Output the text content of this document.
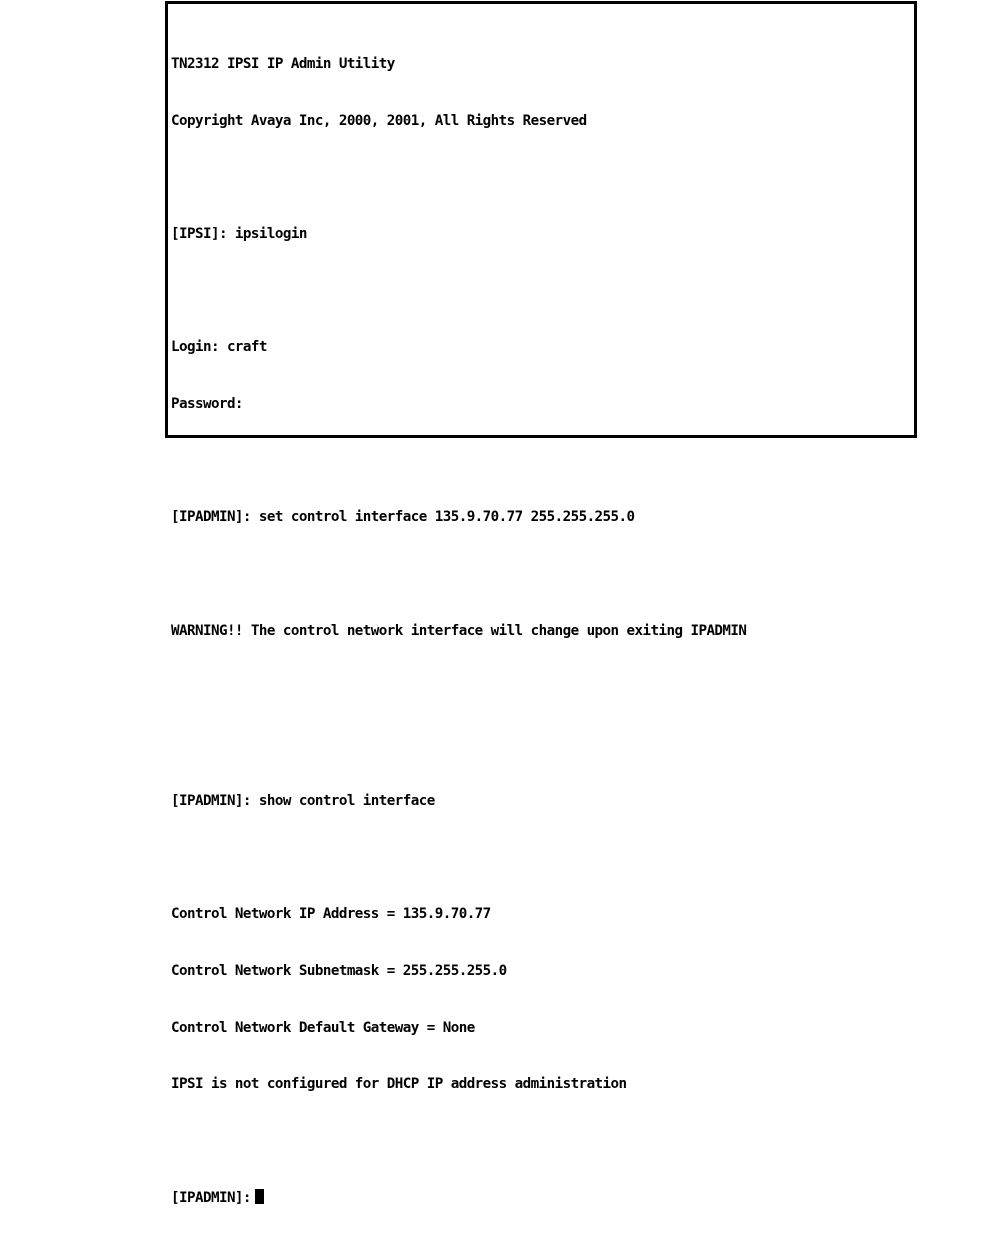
TN2312 IPSI IP Admin Utility

Copyright Avaya Inc, 2000, 2001, All Rights Reserved

[IPSI]: ipsilogin

Login: craft

Password:

[IPADMIN]: set control interface 135.9.70.77 255.255.255.0

WARNING!! The control network interface will change upon exiting IPADMIN

[IPADMIN]: show control interface

Control Network IP Address = 135.9.70.77

Control Network Subnetmask = 255.255.255.0

Control Network Default Gateway = None

IPSI is not configured for DHCP IP address administration

[IPADMIN]:
